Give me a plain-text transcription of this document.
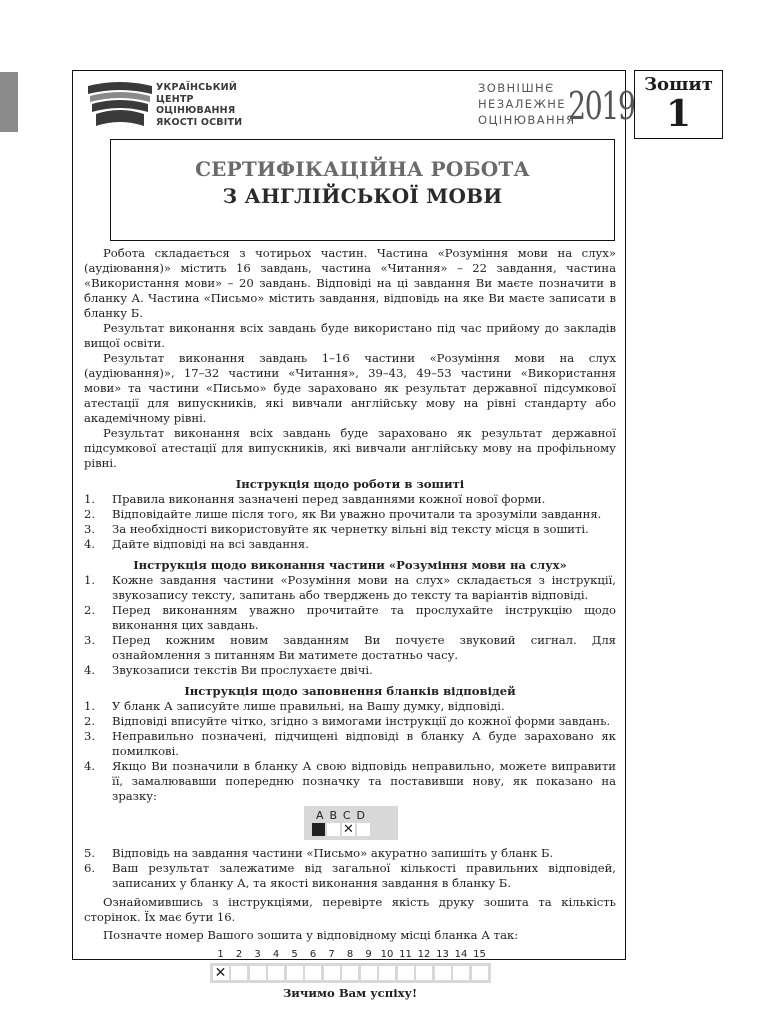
УКРАЇНСЬКИЙ
ЦЕНТР
ОЦІНЮВАННЯ
ЯКОСТІ ОСВІТИ
ЗОВНІШНЄ
НЕЗАЛЕЖНЕ
ОЦІНЮВАННЯ
2019 Зошит
1
СЕРТИФІКАЦІЙНА РОБОТА
З АНГЛІЙСЬКОЇ МОВИ

Робота складається з чотирьох частин. Частина «Розуміння мови на слух» (аудіювання)» містить 16 завдань, частина «Читання» – 22 завдання, частина «Використання мови» – 20 завдань. Відповіді на ці завдання Ви маєте позначити в бланку А. Частина «Письмо» містить завдання, відповідь на яке Ви маєте записати в бланку Б.

Результат виконання всіх завдань буде використано під час прийому до закладів вищої освіти.

Результат виконання завдань 1–16 частини «Розуміння мови на слух (аудіювання)», 17–32 частини «Читання», 39–43, 49–53 частини «Використання мови» та частини «Письмо» буде зараховано як результат державної підсумкової атестації для випускників, які вивчали англійську мову на рівні стандарту або академічному рівні.

Результат виконання всіх завдань буде зараховано як результат державної підсумкової атестації для випускників, які вивчали англійську мову на профільному рівні.

Інструкція щодо роботи в зошиті
1.	Правила виконання зазначені перед завданнями кожної нової форми.
2.	Відповідайте лише після того, як Ви уважно прочитали та зрозуміли завдання.
3.	За необхідності використовуйте як чернетку вільні від тексту місця в зошиті.
4.	Дайте відповіді на всі завдання.
Інструкція щодо виконання частини «Розуміння мови на слух»
1.	Кожне завдання частини «Розуміння мови на слух» складається з інструкції, звукозапису тексту, запитань або тверджень до тексту та варіантів відповіді.
2.	Перед виконанням уважно прочитайте та прослухайте інструкцію щодо виконання цих завдань.
3.	Перед кожним новим завданням Ви почуєте звуковий сигнал. Для ознайомлення з питанням Ви матимете достатньо часу.
4.	Звукозаписи текстів Ви прослухаєте двічі.
Інструкція щодо заповнення бланків відповідей
1.	У бланк А записуйте лише правильні, на Вашу думку, відповіді.
2.	Відповіді вписуйте чітко, згідно з вимогами інструкції до кожної форми завдань.
3.	Неправильно позначені, підчищені відповіді в бланку А буде зараховано як помилкові.
4.	Якщо Ви позначили в бланку А свою відповідь неправильно, можете виправити її, замалювавши попередню позначку та поставивши нову, як показано на зразку:
ABCD
✕
5.	Відповідь на завдання частини «Письмо» акуратно запишіть у бланк Б.
6.	Ваш результат залежатиме від загальної кількості правильних відповідей, записаних у бланку А, та якості виконання завдання в бланку Б.

Ознайомившись з інструкціями, перевірте якість друку зошита та кількість сторінок. Їх має бути 16.

Позначте номер Вашого зошита у відповідному місці бланка А так:

1	2	3	4	5	6	7	8	9 10 11 12 13 14 15
✕
Зичимо Вам успіху!
